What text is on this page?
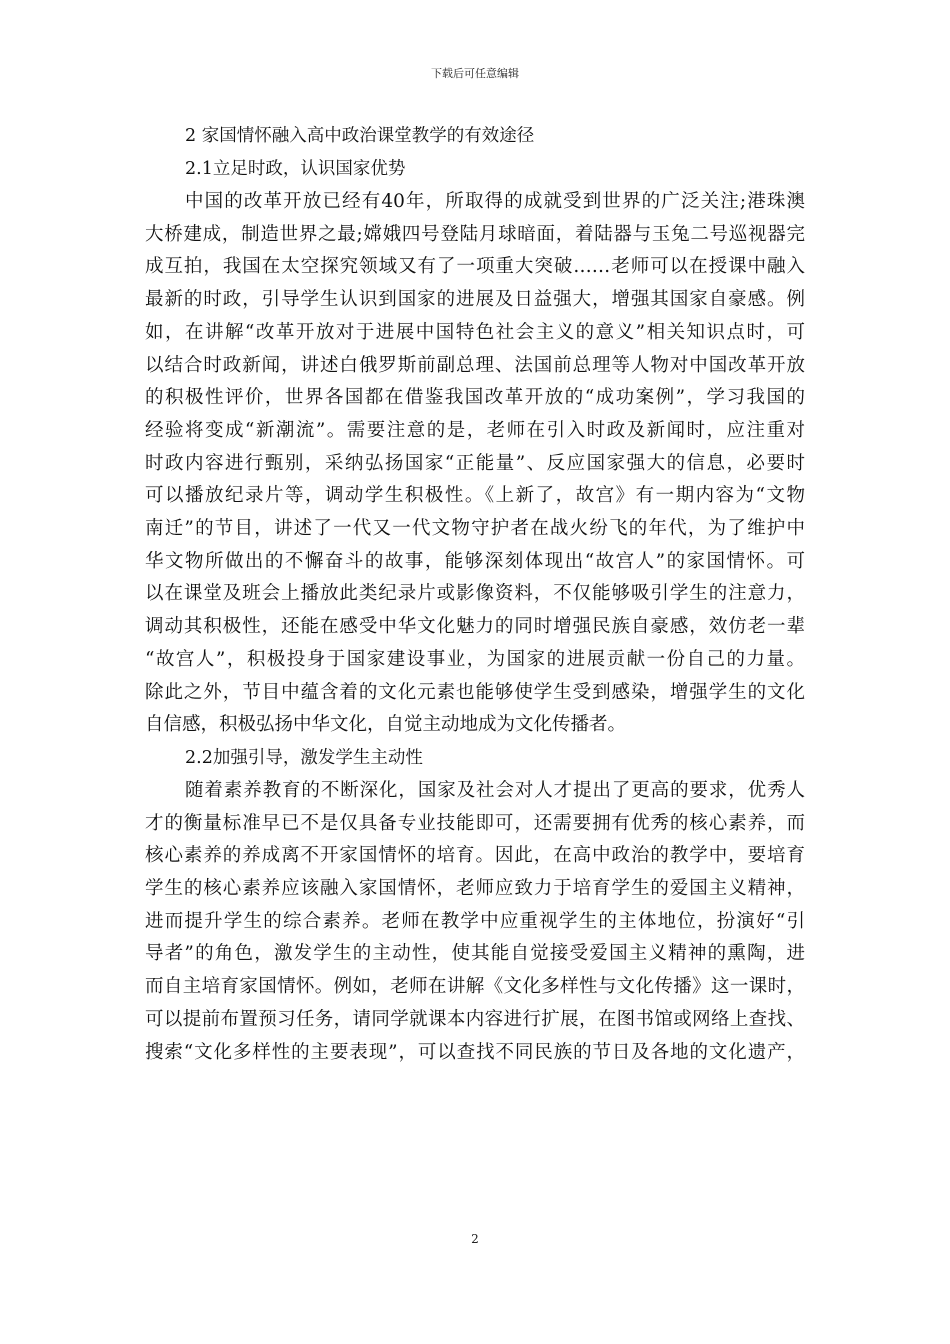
下载后可任意编辑
2 家国情怀融入高中政治课堂教学的有效途径
2.1立足时政，认识国家优势
中国的改革开放已经有40年，所取得的成就受到世界的广泛关注;港珠澳
大桥建成，制造世界之最;嫦娥四号登陆月球暗面，着陆器与玉兔二号巡视器完
成互拍，我国在太空探究领域又有了一项重大突破……老师可以在授课中融入
最新的时政，引导学生认识到国家的进展及日益强大，增强其国家自豪感。例
如，在讲解“改革开放对于进展中国特色社会主义的意义”相关知识点时，可
以结合时政新闻，讲述白俄罗斯前副总理、法国前总理等人物对中国改革开放
的积极性评价，世界各国都在借鉴我国改革开放的“成功案例”，学习我国的
经验将变成“新潮流”。需要注意的是，老师在引入时政及新闻时，应注重对
时政内容进行甄别，采纳弘扬国家“正能量”、反应国家强大的信息，必要时
可以播放纪录片等，调动学生积极性。《上新了，故宫》有一期内容为“文物
南迁”的节目，讲述了一代又一代文物守护者在战火纷飞的年代，为了维护中
华文物所做出的不懈奋斗的故事，能够深刻体现出“故宫人”的家国情怀。可
以在课堂及班会上播放此类纪录片或影像资料，不仅能够吸引学生的注意力，
调动其积极性，还能在感受中华文化魅力的同时增强民族自豪感，效仿老一辈
“故宫人”，积极投身于国家建设事业，为国家的进展贡献一份自己的力量。
除此之外，节目中蕴含着的文化元素也能够使学生受到感染，增强学生的文化
自信感，积极弘扬中华文化，自觉主动地成为文化传播者。
2.2加强引导，激发学生主动性
随着素养教育的不断深化，国家及社会对人才提出了更高的要求，优秀人
才的衡量标准早已不是仅具备专业技能即可，还需要拥有优秀的核心素养，而
核心素养的养成离不开家国情怀的培育。因此，在高中政治的教学中，要培育
学生的核心素养应该融入家国情怀，老师应致力于培育学生的爱国主义精神，
进而提升学生的综合素养。老师在教学中应重视学生的主体地位，扮演好“引
导者”的角色，激发学生的主动性，使其能自觉接受爱国主义精神的熏陶，进
而自主培育家国情怀。例如，老师在讲解《文化多样性与文化传播》这一课时，
可以提前布置预习任务，请同学就课本内容进行扩展，在图书馆或网络上查找、
搜索“文化多样性的主要表现”，可以查找不同民族的节日及各地的文化遗产，
2
